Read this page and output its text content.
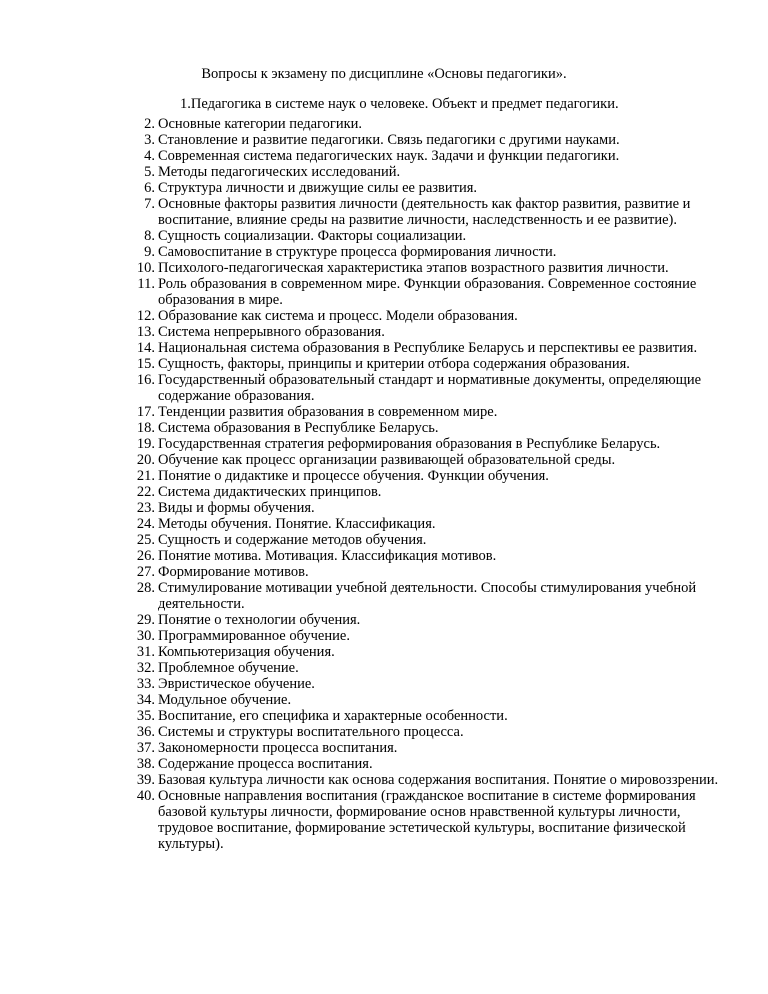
Вопросы к экзамену по дисциплине «Основы педагогики».
1.Педагогика в системе наук о человеке. Объект и предмет педагогики.
2. Основные категории педагогики.
3. Становление и развитие педагогики. Связь педагогики с другими науками.
4. Современная система педагогических наук. Задачи и функции педагогики.
5. Методы педагогических исследований.
6. Структура личности и движущие силы ее развития.
7. Основные факторы развития личности (деятельность как фактор развития, развитие и воспитание, влияние среды на развитие личности, наследственность и ее развитие).
8. Сущность социализации. Факторы социализации.
9. Самовоспитание в структуре процесса формирования личности.
10. Психолого-педагогическая характеристика этапов возрастного развития личности.
11. Роль образования в современном мире. Функции образования. Современное состояние образования в мире.
12. Образование как система и процесс. Модели образования.
13. Система непрерывного образования.
14. Национальная система образования в Республике Беларусь и перспективы ее развития.
15. Сущность, факторы, принципы и критерии отбора содержания образования.
16. Государственный образовательный стандарт и нормативные документы, определяющие содержание образования.
17. Тенденции развития образования в современном мире.
18. Система образования в Республике Беларусь.
19. Государственная стратегия реформирования образования в Республике Беларусь.
20. Обучение как процесс организации развивающей образовательной среды.
21. Понятие о дидактике и процессе обучения. Функции обучения.
22. Система дидактических принципов.
23. Виды и формы обучения.
24. Методы обучения. Понятие. Классификация.
25. Сущность и содержание методов обучения.
26. Понятие мотива. Мотивация. Классификация мотивов.
27. Формирование мотивов.
28. Стимулирование мотивации учебной деятельности. Способы стимулирования учебной деятельности.
29. Понятие о технологии обучения.
30. Программированное обучение.
31. Компьютеризация обучения.
32. Проблемное обучение.
33. Эвристическое обучение.
34. Модульное обучение.
35. Воспитание, его специфика и характерные особенности.
36. Системы и структуры воспитательного процесса.
37. Закономерности процесса воспитания.
38. Содержание процесса воспитания.
39. Базовая культура личности как основа содержания воспитания. Понятие о мировоззрении.
40. Основные направления воспитания (гражданское воспитание в системе формирования базовой культуры личности, формирование основ нравственной культуры личности, трудовое воспитание, формирование эстетической культуры, воспитание физической культуры).
